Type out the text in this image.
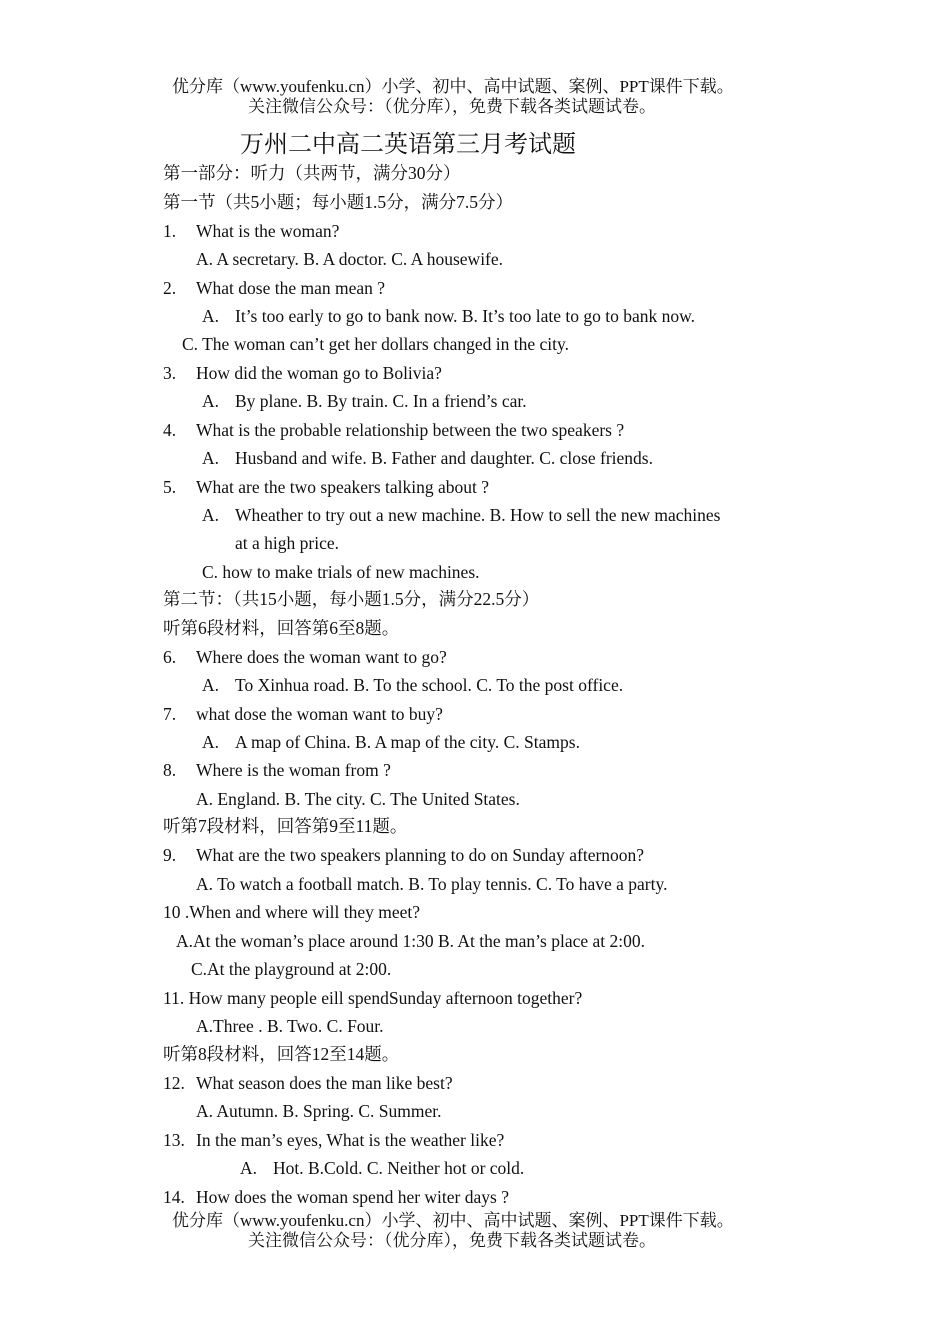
优分库（www.youfenku.cn）小学、初中、高中试题、案例、PPT课件下载。
关注微信公众号：（优分库），免费下载各类试题试卷。
万州二中高二英语第三月考试题
第一部分：听力（共两节，满分30分）
第一节（共5小题；每小题1.5分，满分7.5分）
1. What is the woman?
A. A secretary. B. A doctor. C. A housewife.
2. What dose the man mean ?
A. It’s too early to go to bank now. B. It’s too late to go to bank now.
C. The woman can’t get her dollars changed in the city.
3. How did the woman go to Bolivia?
A. By plane. B. By train. C. In a friend’s car.
4. What is the probable relationship between the two speakers ?
A. Husband and wife. B. Father and daughter. C. close friends.
5. What are the two speakers talking about ?
A. Wheather to try out a new machine. B. How to sell the new machines
at a high price.
C. how to make trials of new machines.
第二节：（共15小题，每小题1.5分，满分22.5分）
听第6段材料，回答第6至8题。
6. Where does the woman want to go?
A. To Xinhua road. B. To the school. C. To the post office.
7. what dose the woman want to buy?
A. A map of China. B. A map of the city. C. Stamps.
8. Where is the woman from ?
A. England. B. The city. C. The United States.
听第7段材料，回答第9至11题。
9. What are the two speakers planning to do on Sunday afternoon?
A. To watch a football match. B. To play tennis. C. To have a party.
10 .When and where will they meet?
A.At the woman’s place around 1:30 B. At the man’s place at 2:00.
C.At the playground at 2:00.
11. How many people eill spendSunday afternoon together?
A.Three . B. Two. C. Four.
听第8段材料，回答12至14题。
12. What season does the man like best?
A. Autumn. B. Spring. C. Summer.
13. In the man’s eyes, What is the weather like?
A. Hot. B.Cold. C. Neither hot or cold.
14. How does the woman spend her witer days ?
优分库（www.youfenku.cn）小学、初中、高中试题、案例、PPT课件下载。
关注微信公众号：（优分库），免费下载各类试题试卷。
